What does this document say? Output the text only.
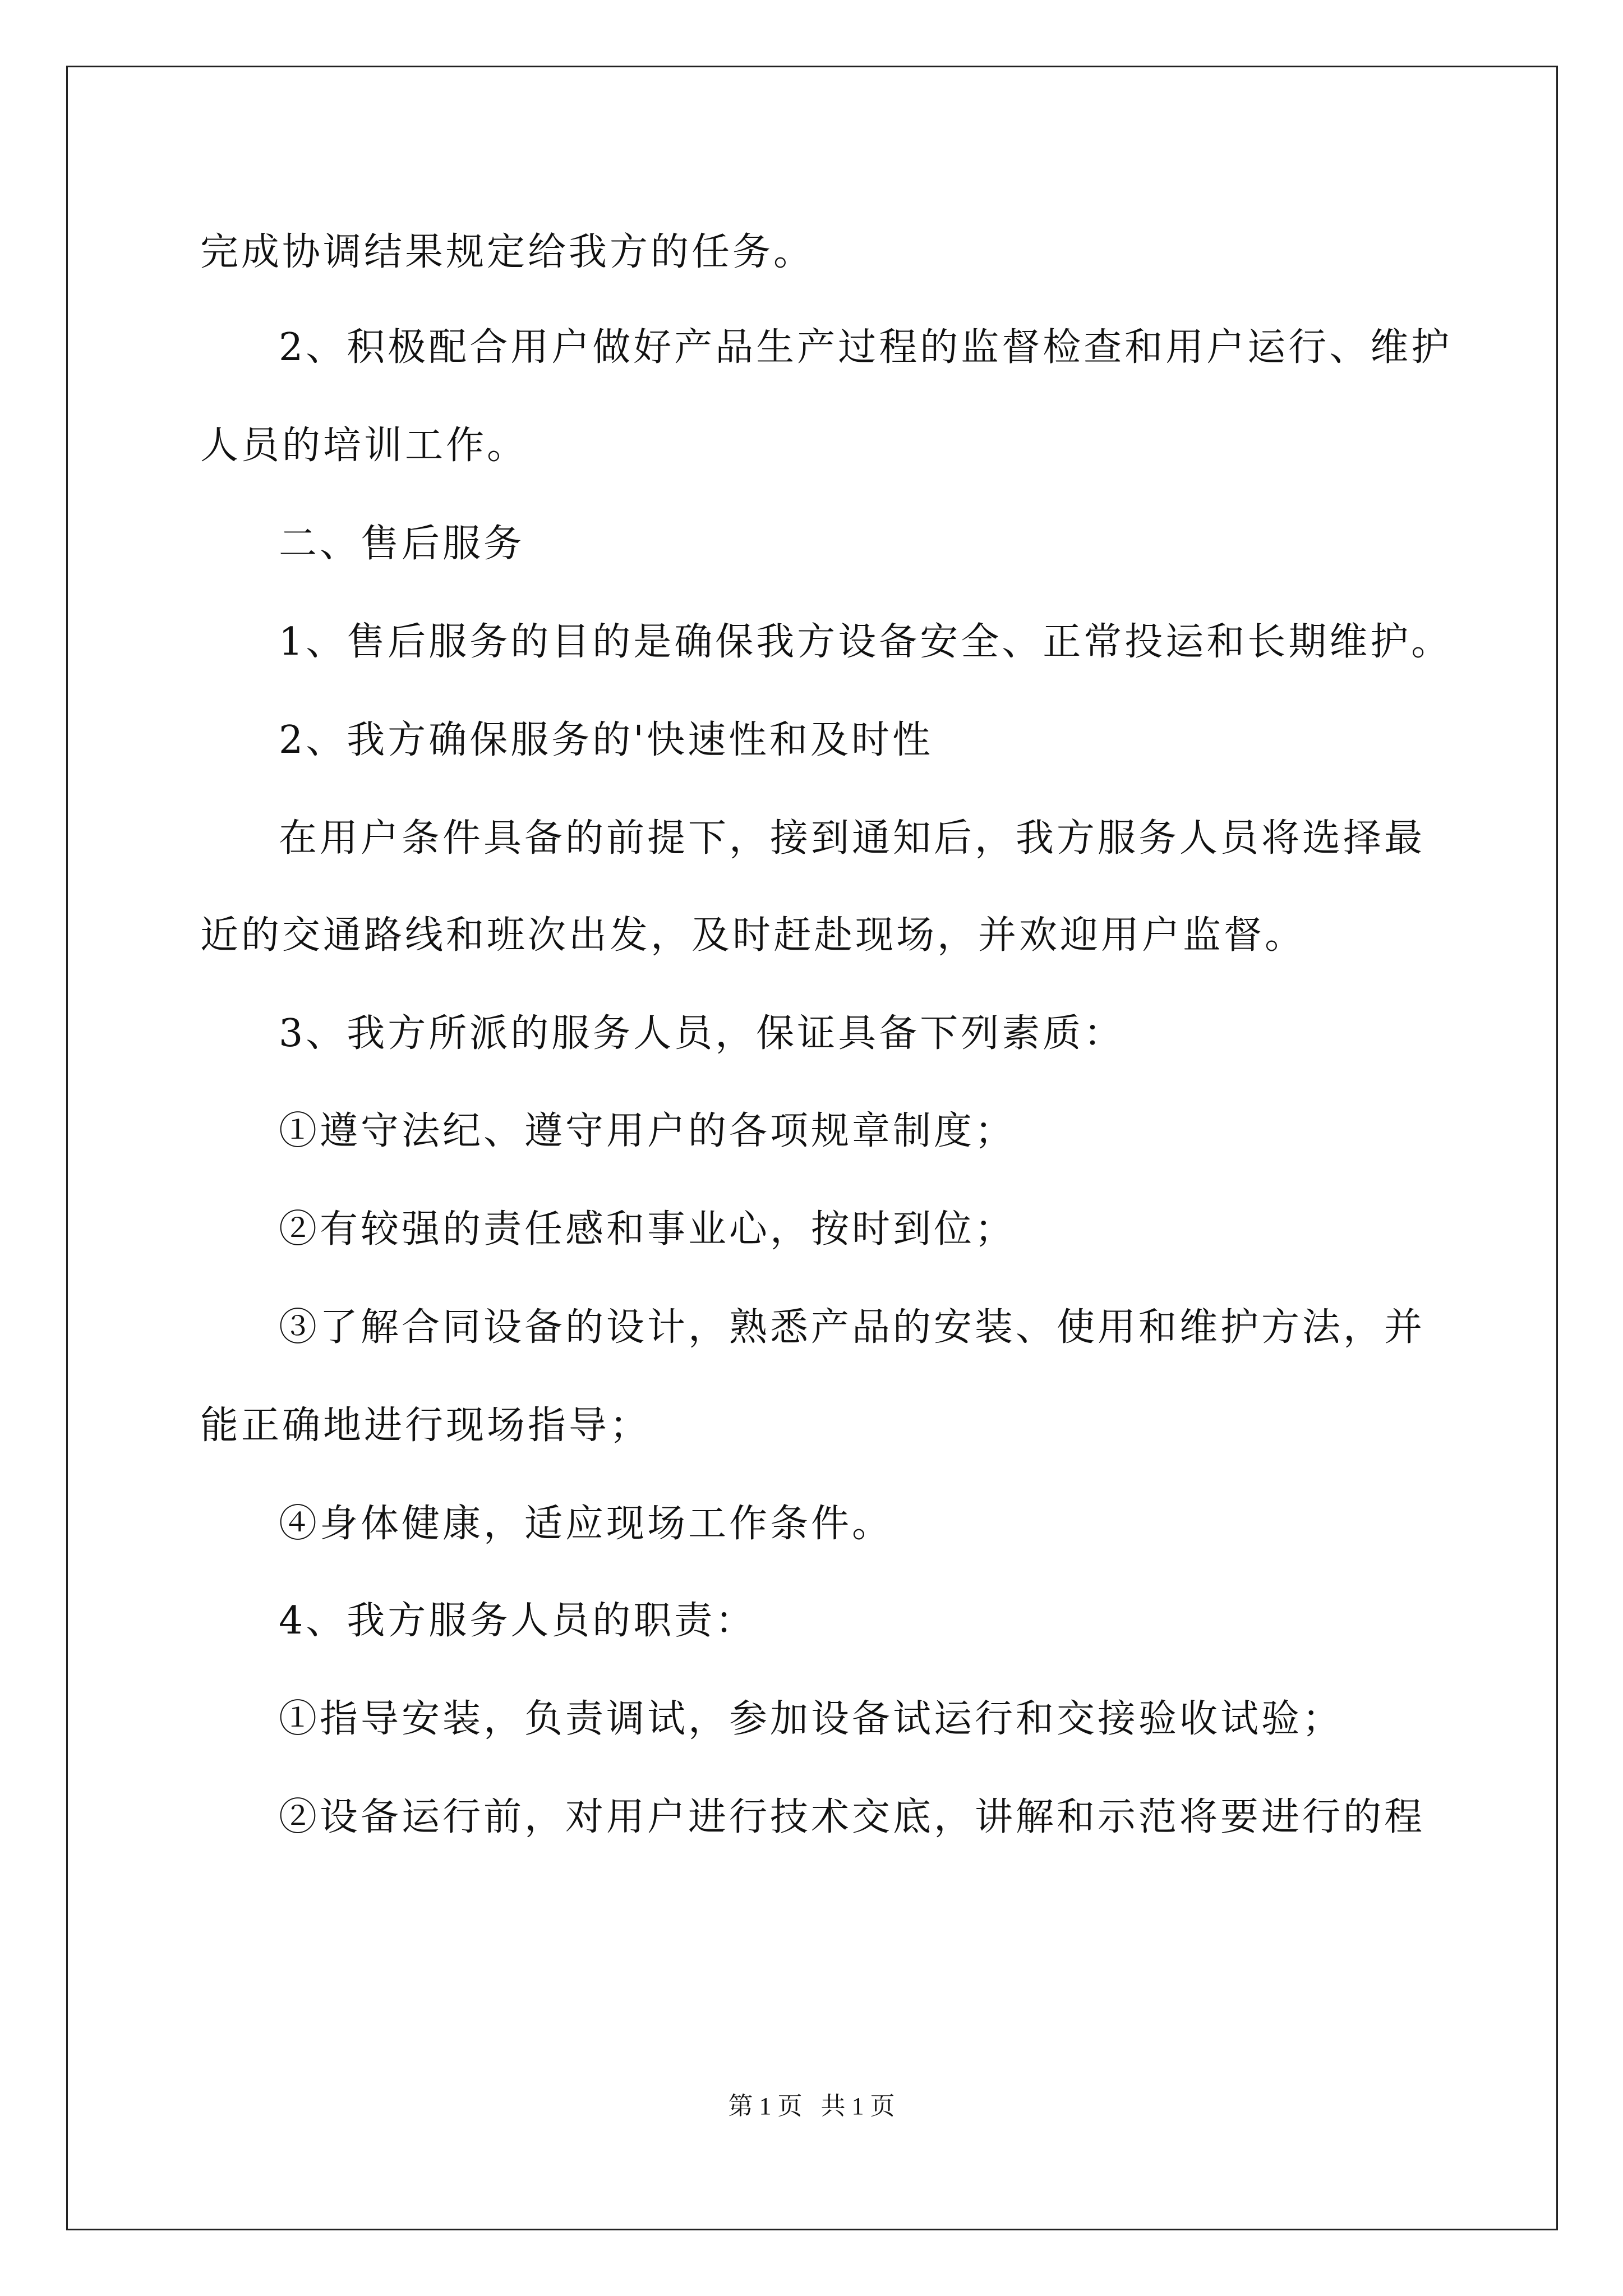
完成协调结果规定给我方的任务。
2、积极配合用户做好产品生产过程的监督检查和用户运行、维护
人员的培训工作。
二、售后服务
1、售后服务的目的是确保我方设备安全、正常投运和长期维护。
2、我方确保服务的'快速性和及时性
在用户条件具备的前提下，接到通知后，我方服务人员将选择最
近的交通路线和班次出发，及时赶赴现场，并欢迎用户监督。
3、我方所派的服务人员，保证具备下列素质：
①遵守法纪、遵守用户的各项规章制度；
②有较强的责任感和事业心，按时到位；
③了解合同设备的设计，熟悉产品的安装、使用和维护方法，并
能正确地进行现场指导；
④身体健康，适应现场工作条件。
4、我方服务人员的职责：
①指导安装，负责调试，参加设备试运行和交接验收试验；
②设备运行前，对用户进行技术交底，讲解和示范将要进行的程
第 1 页   共 1 页
